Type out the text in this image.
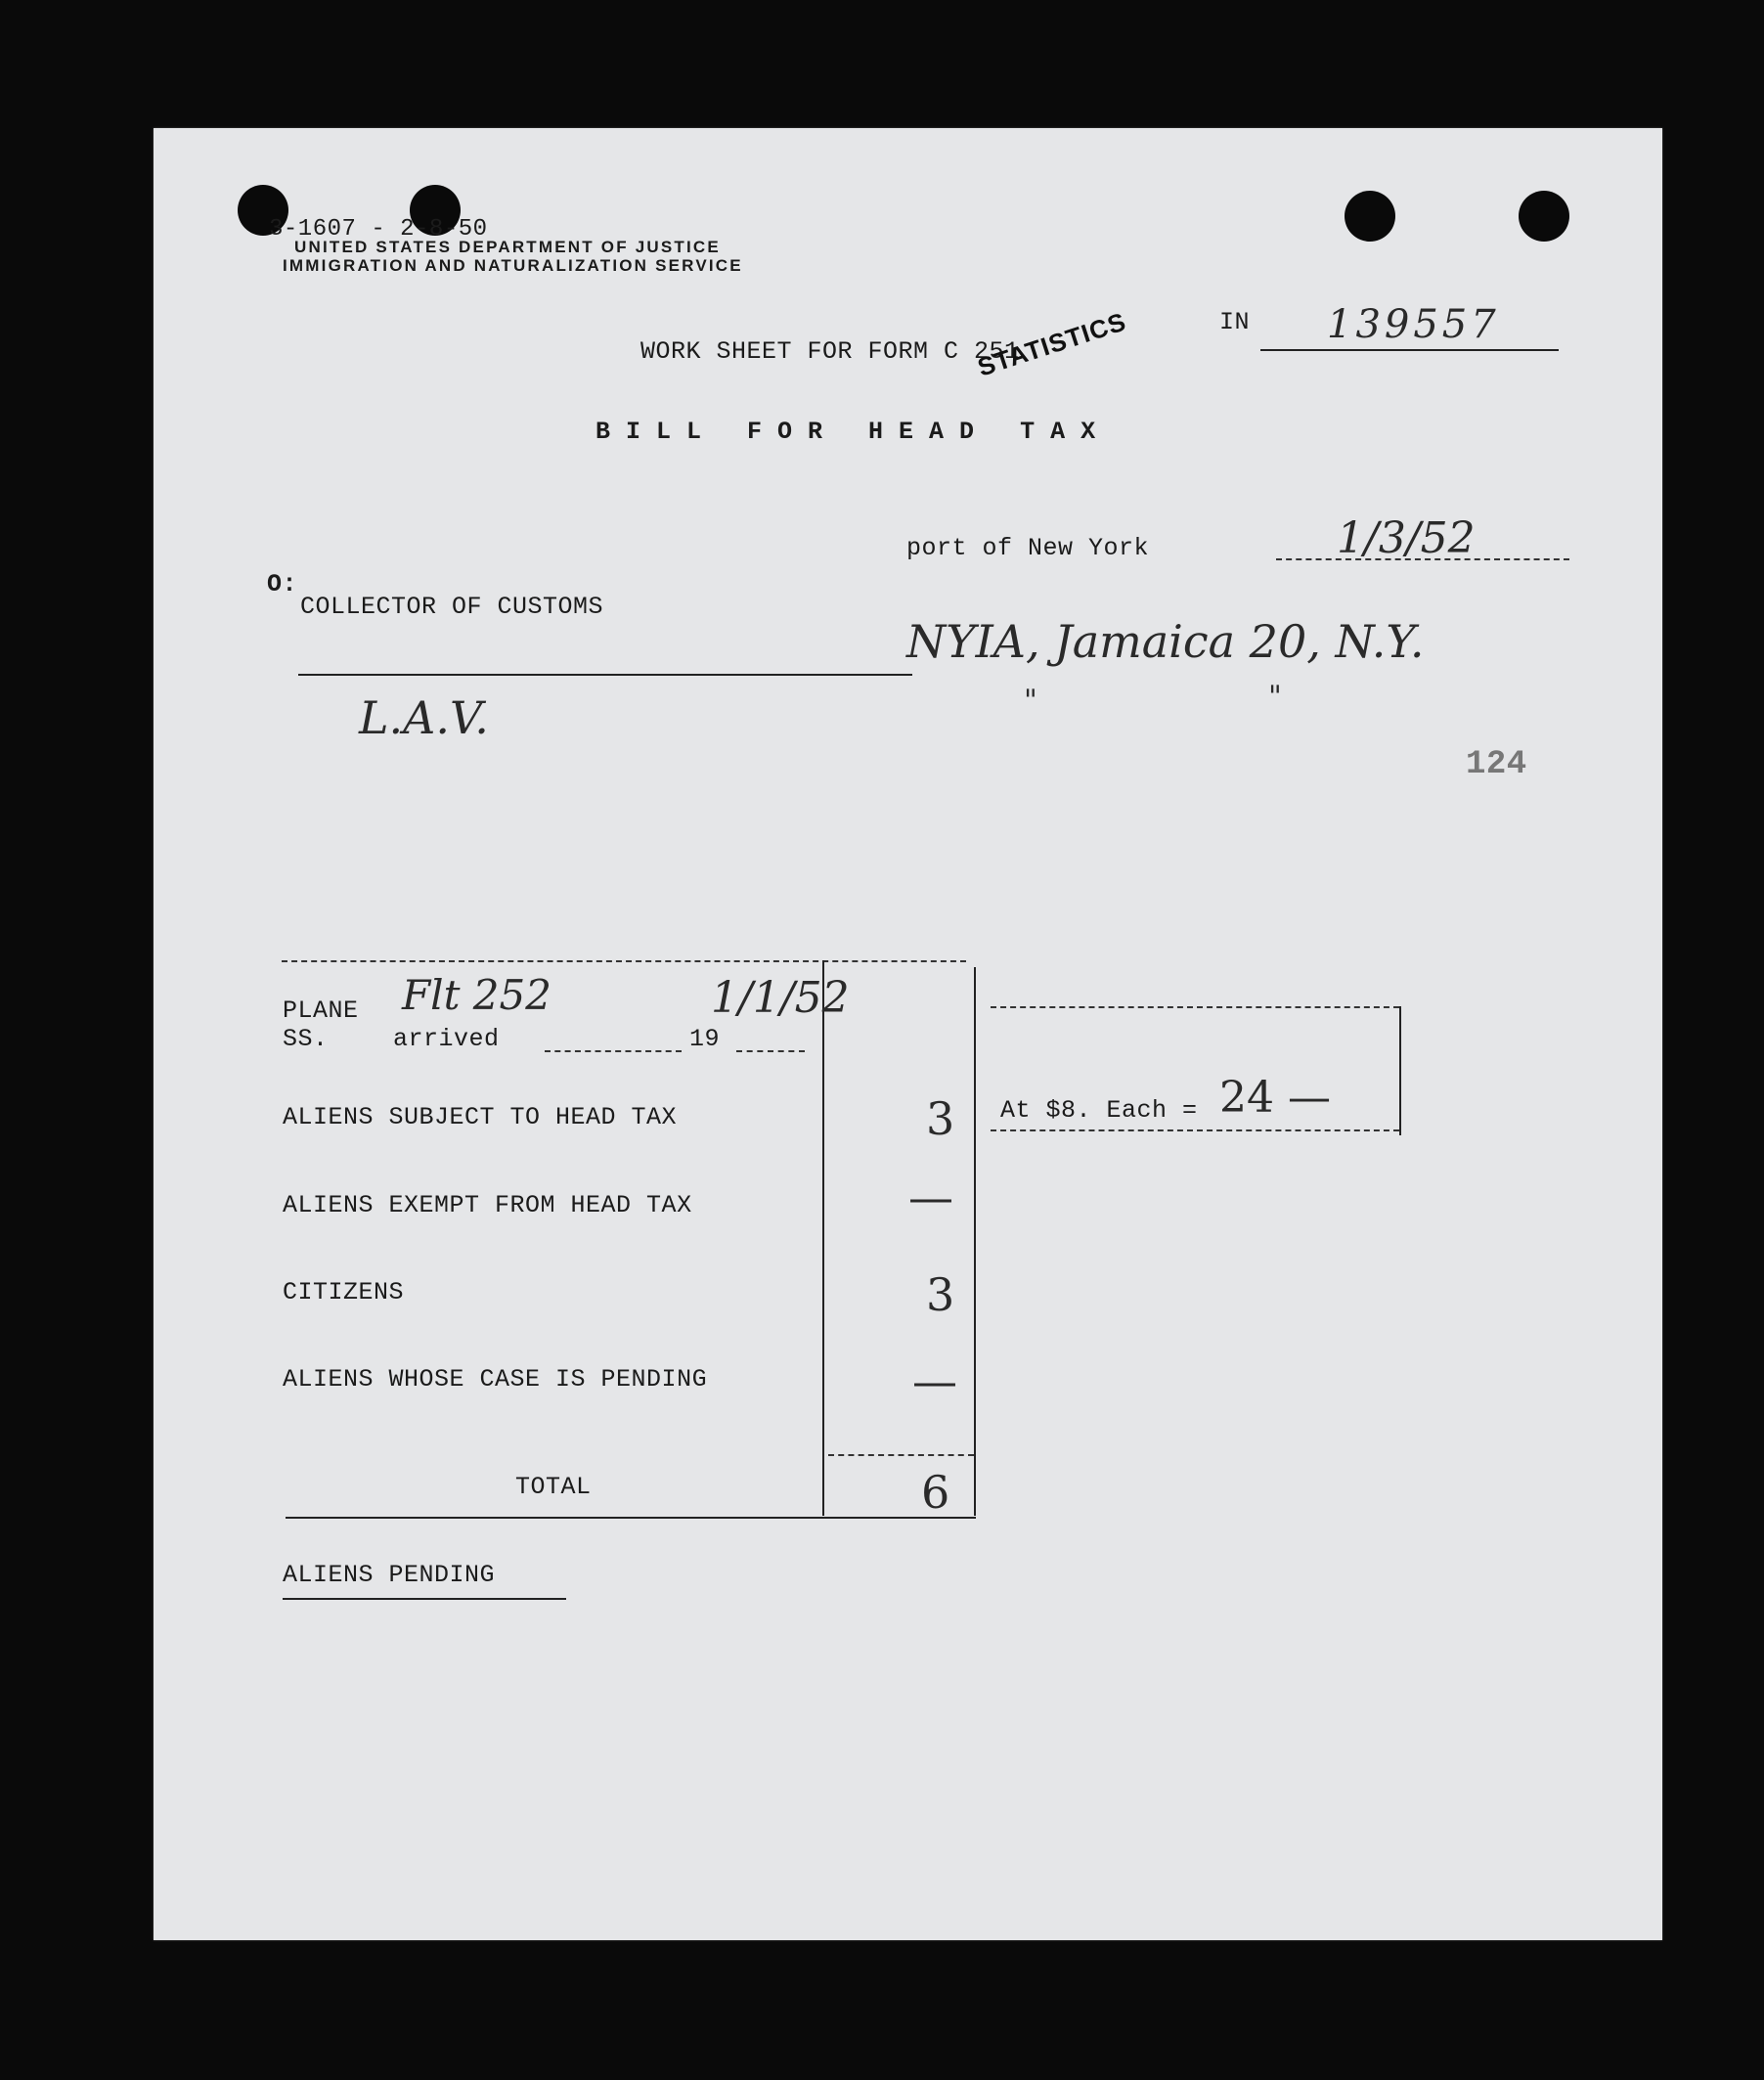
3-1607 - 2-8-50
UNITED STATES DEPARTMENT OF JUSTICE
IMMIGRATION AND NATURALIZATION SERVICE
WORK SHEET FOR FORM C 251
STATISTICS	IN 139557
B I L L   F O R   H E A D   T A X
port of New York	1/3/52
O:
COLLECTOR OF CUSTOMS
NYIA, Jamaica 20, N.Y.
"	"
L.A.V.
124
PLANE Flt 252	1/1/52
SS.	arrived	19
ALIENS SUBJECT TO HEAD TAX	3
ALIENS EXEMPT FROM HEAD TAX	—
CITIZENS	3
ALIENS WHOSE CASE IS PENDING	—
TOTAL	6
At $8. Each = 24 —
ALIENS PENDING
